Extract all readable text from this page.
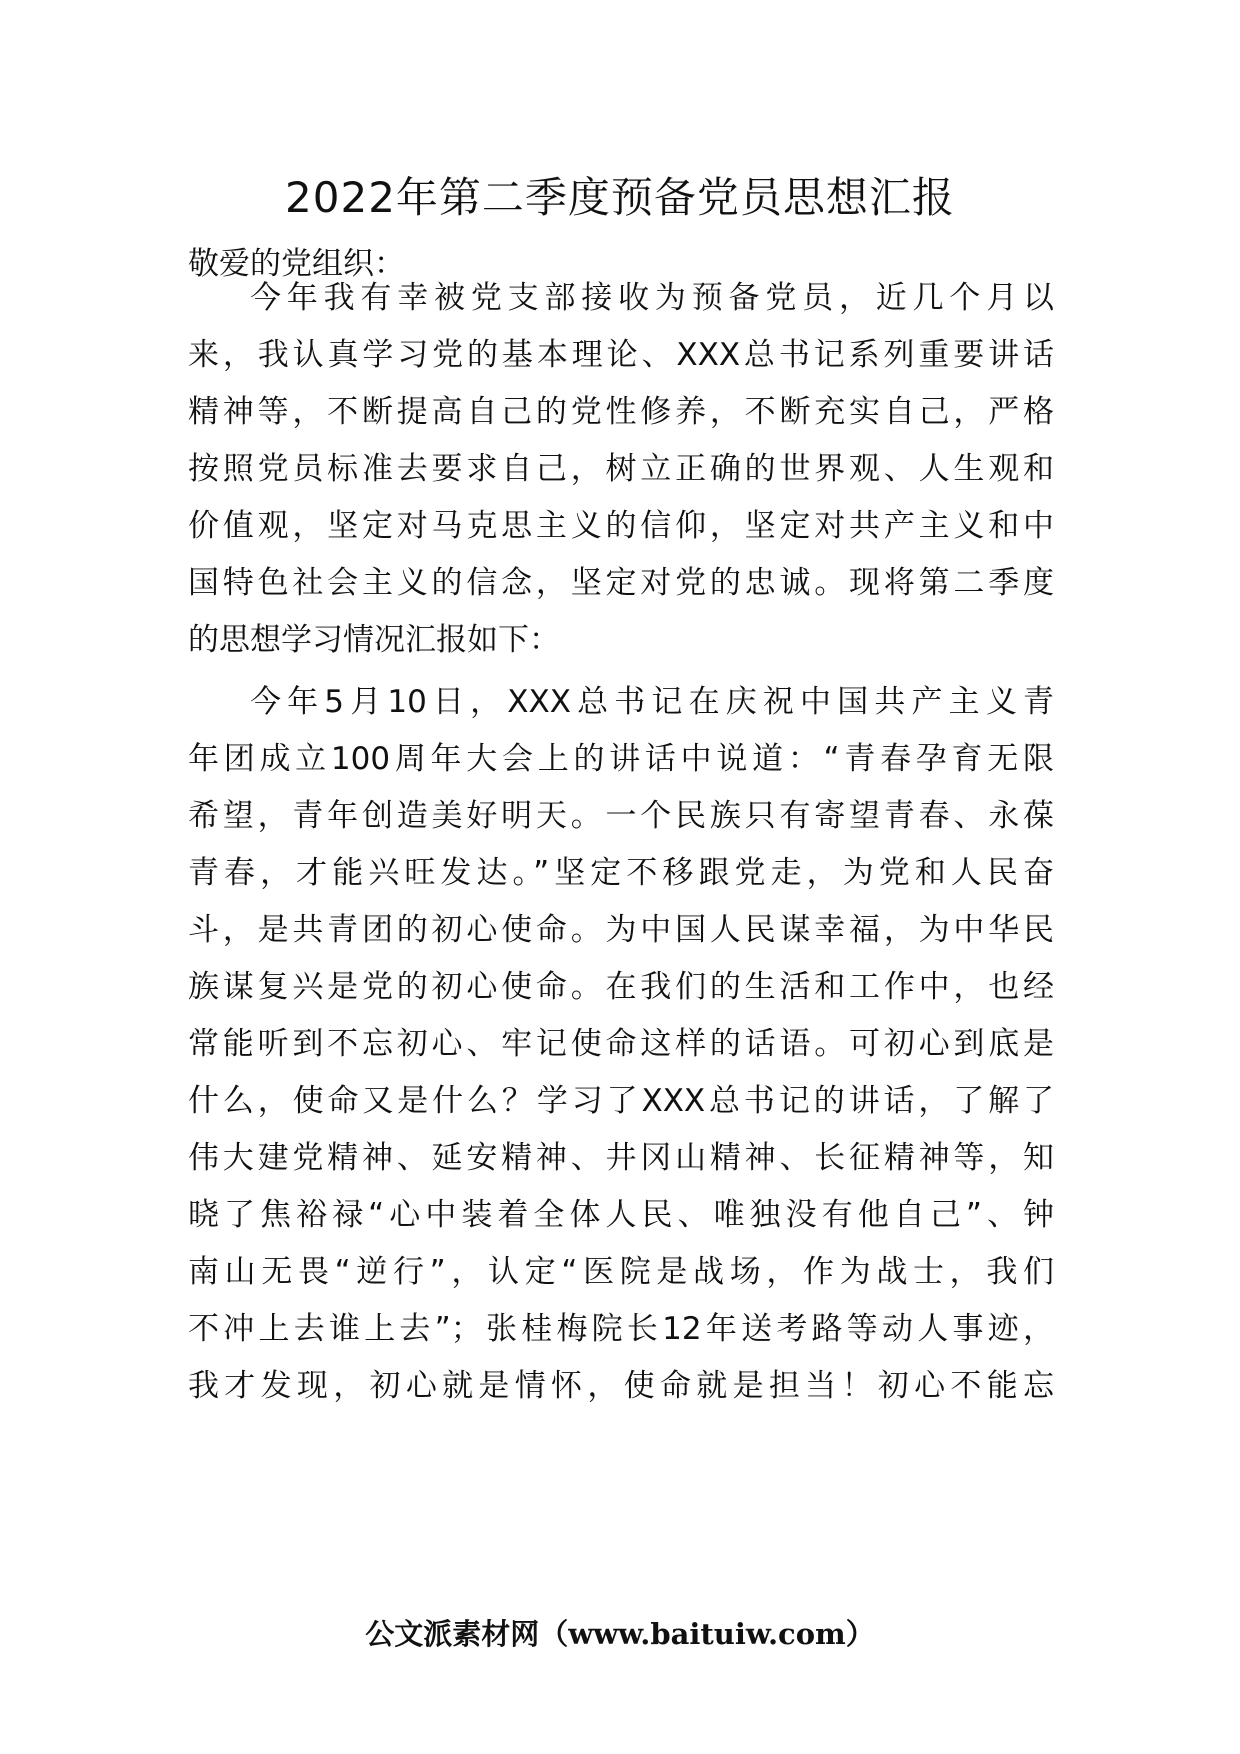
2022年第二季度预备党员思想汇报

敬爱的党组织：

今年我有幸被党支部接收为预备党员，近几个月以

来，我认真学习党的基本理论、XXX总书记系列重要讲话

精神等，不断提高自己的党性修养，不断充实自己，严格

按照党员标准去要求自己，树立正确的世界观、人生观和

价值观，坚定对马克思主义的信仰，坚定对共产主义和中

国特色社会主义的信念，坚定对党的忠诚。现将第二季度

的思想学习情况汇报如下：

今年5月10日，XXX总书记在庆祝中国共产主义青

年团成立100周年大会上的讲话中说道：“青春孕育无限

希望，青年创造美好明天。一个民族只有寄望青春、永葆

青春，才能兴旺发达。”坚定不移跟党走，为党和人民奋

斗，是共青团的初心使命。为中国人民谋幸福，为中华民

族谋复兴是党的初心使命。在我们的生活和工作中，也经

常能听到不忘初心、牢记使命这样的话语。可初心到底是

什么，使命又是什么？学习了XXX总书记的讲话，了解了

伟大建党精神、延安精神、井冈山精神、长征精神等，知

晓了焦裕禄“心中装着全体人民、唯独没有他自己”、钟

南山无畏“逆行”，认定“医院是战场，作为战士，我们

不冲上去谁上去”；张桂梅院长12年送考路等动人事迹，

我才发现，初心就是情怀，使命就是担当！初心不能忘

公文派素材网（www.baituiw.com）
